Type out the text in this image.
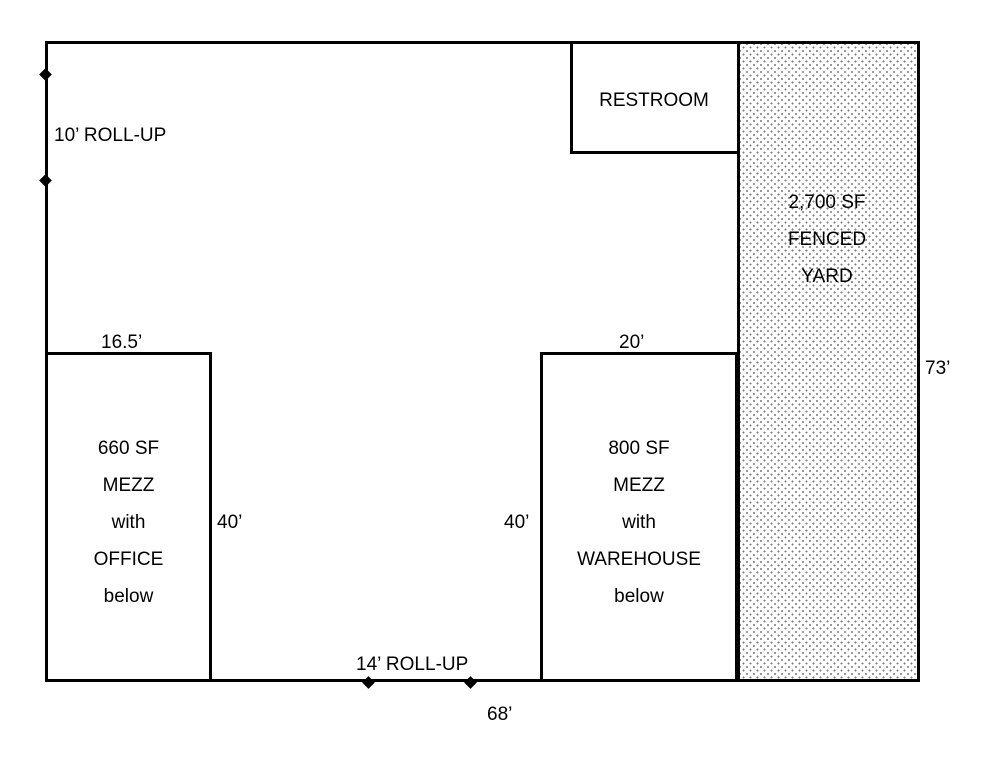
RESTROOM
2,700 SF
FENCED
YARD
660 SF
MEZZ
with
OFFICE
below
800 SF
MEZZ
with
WAREHOUSE
below
16.5’	20’
73’
40’	40’
68’
10’ ROLL-UP
14’ ROLL-UP
